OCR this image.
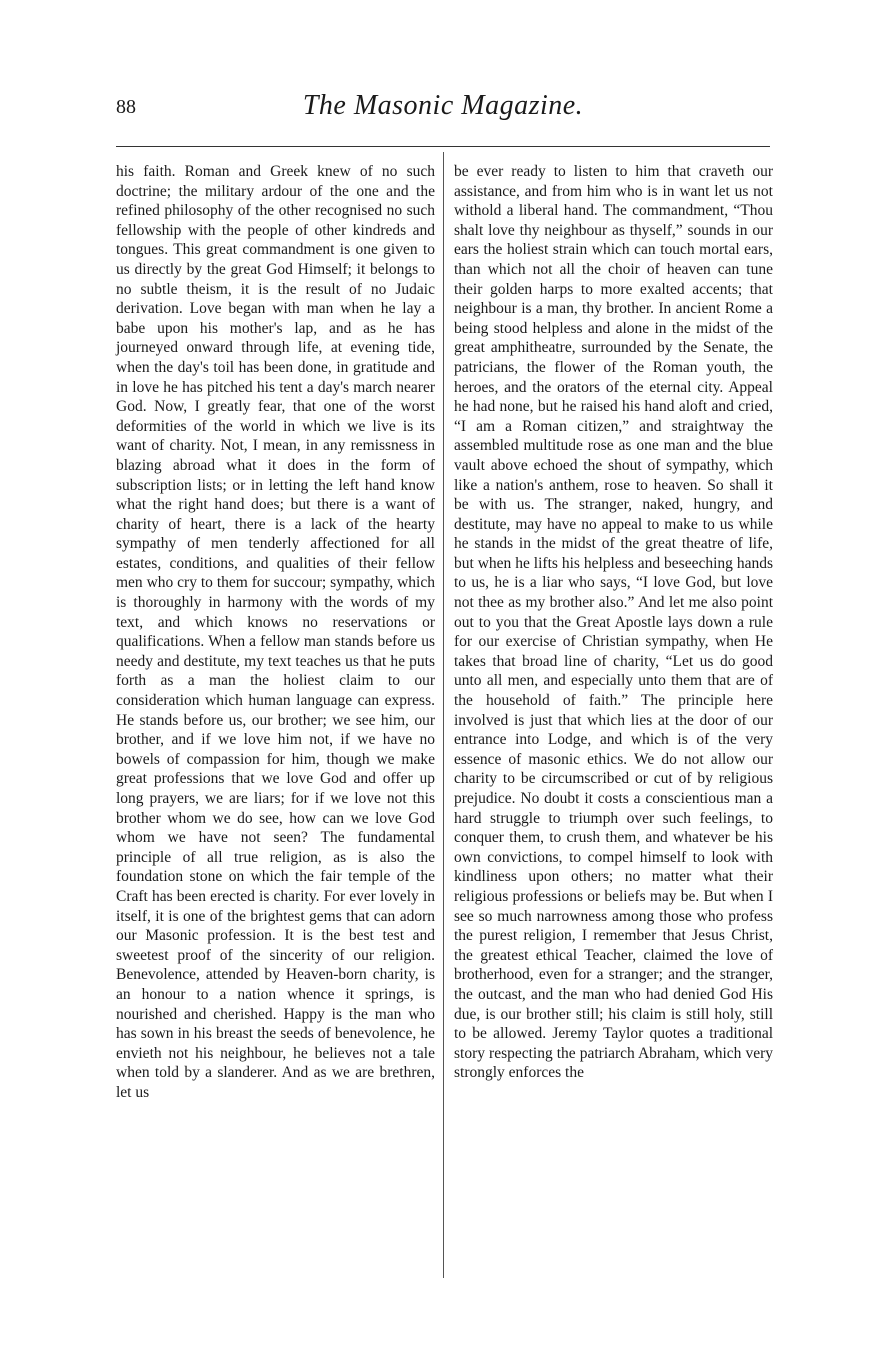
88	The Masonic Magazine.

his faith. Roman and Greek knew of no such doctrine; the military ardour of the one and the refined philosophy of the other recognised no such fellowship with the people of other kindreds and tongues. This great commandment is one given to us directly by the great God Himself; it belongs to no subtle theism, it is the result of no Judaic derivation. Love began with man when he lay a babe upon his mother's lap, and as he has journeyed onward through life, at evening tide, when the day's toil has been done, in gratitude and in love he has pitched his tent a day's march nearer God. Now, I greatly fear, that one of the worst deformities of the world in which we live is its want of charity. Not, I mean, in any remissness in blazing abroad what it does in the form of subscription lists; or in letting the left hand know what the right hand does; but there is a want of charity of heart, there is a lack of the hearty sympathy of men tenderly affectioned for all estates, conditions, and qualities of their fellow men who cry to them for succour; sympathy, which is thoroughly in harmony with the words of my text, and which knows no reservations or qualifications. When a fellow man stands before us needy and destitute, my text teaches us that he puts forth as a man the holiest claim to our consideration which human language can express. He stands before us, our brother; we see him, our brother, and if we love him not, if we have no bowels of compassion for him, though we make great professions that we love God and offer up long prayers, we are liars; for if we love not this brother whom we do see, how can we love God whom we have not seen? The fundamental principle of all true religion, as is also the foundation stone on which the fair temple of the Craft has been erected is charity. For ever lovely in itself, it is one of the brightest gems that can adorn our Masonic profession. It is the best test and sweetest proof of the sincerity of our religion. Benevolence, attended by Heaven-born charity, is an honour to a nation whence it springs, is nourished and cherished. Happy is the man who has sown in his breast the seeds of benevolence, he envieth not his neighbour, he believes not a tale when told by a slanderer. And as we are brethren, let us

be ever ready to listen to him that craveth our assistance, and from him who is in want let us not withold a liberal hand. The commandment, “Thou shalt love thy neighbour as thyself,” sounds in our ears the holiest strain which can touch mortal ears, than which not all the choir of heaven can tune their golden harps to more exalted accents; that neighbour is a man, thy brother. In ancient Rome a being stood helpless and alone in the midst of the great amphitheatre, surrounded by the Senate, the patricians, the flower of the Roman youth, the heroes, and the orators of the eternal city. Appeal he had none, but he raised his hand aloft and cried, “I am a Roman citizen,” and straightway the assembled multitude rose as one man and the blue vault above echoed the shout of sympathy, which like a nation's anthem, rose to heaven. So shall it be with us. The stranger, naked, hungry, and destitute, may have no appeal to make to us while he stands in the midst of the great theatre of life, but when he lifts his helpless and beseeching hands to us, he is a liar who says, “I love God, but love not thee as my brother also.” And let me also point out to you that the Great Apostle lays down a rule for our exercise of Christian sympathy, when He takes that broad line of charity, “Let us do good unto all men, and especially unto them that are of the household of faith.” The principle here involved is just that which lies at the door of our entrance into Lodge, and which is of the very essence of masonic ethics. We do not allow our charity to be circumscribed or cut of by religious prejudice. No doubt it costs a conscientious man a hard struggle to triumph over such feelings, to conquer them, to crush them, and whatever be his own convictions, to compel himself to look with kindliness upon others; no matter what their religious professions or beliefs may be. But when I see so much narrowness among those who profess the purest religion, I remember that Jesus Christ, the greatest ethical Teacher, claimed the love of brotherhood, even for a stranger; and the stranger, the outcast, and the man who had denied God His due, is our brother still; his claim is still holy, still to be allowed. Jeremy Taylor quotes a traditional story respecting the patriarch Abraham, which very strongly enforces the
